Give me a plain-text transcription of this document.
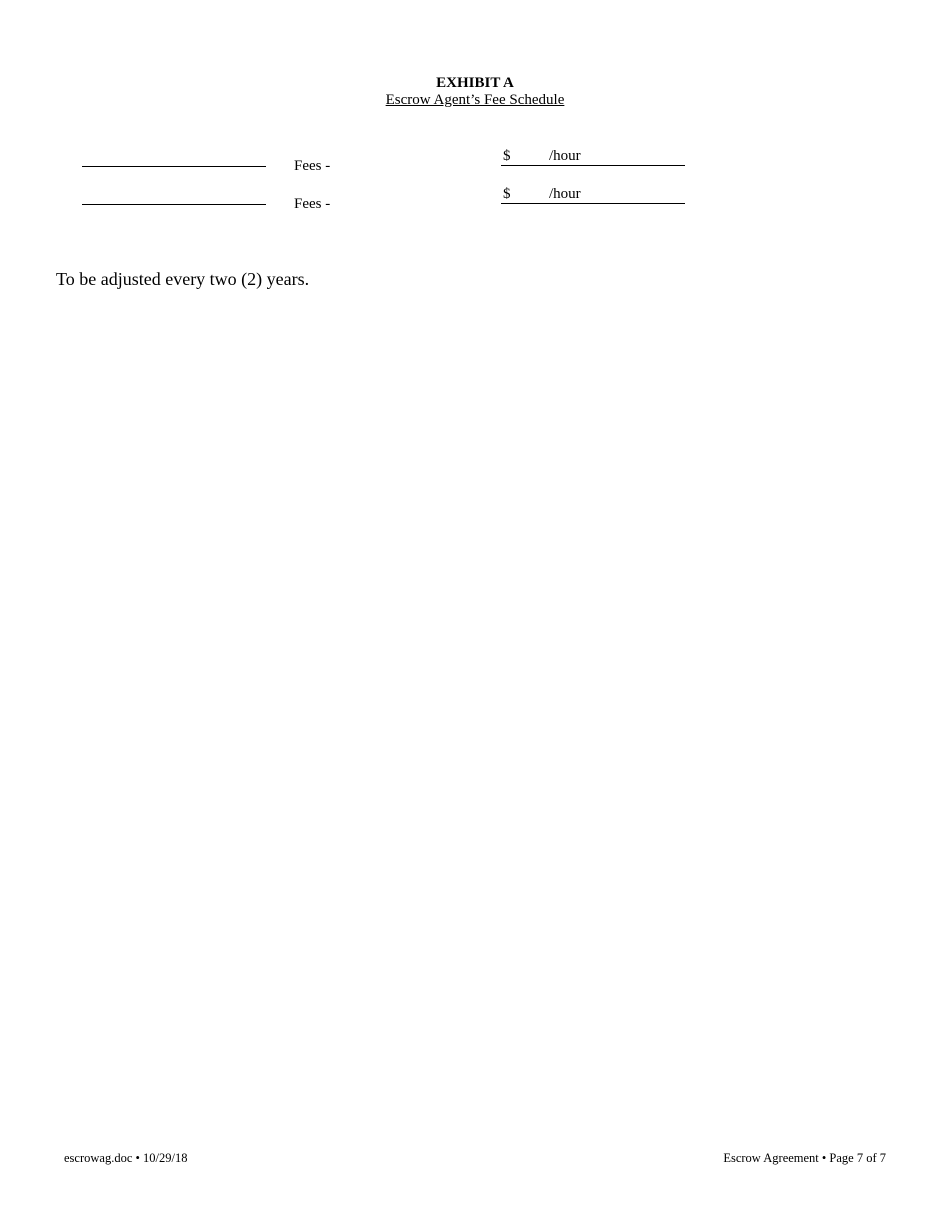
EXHIBIT A
Escrow Agent’s Fee Schedule
Fees -
$	/hour
Fees -
$	/hour
To be adjusted every two (2) years.
escrowag.doc • 10/29/18	Escrow Agreement • Page 7 of 7
